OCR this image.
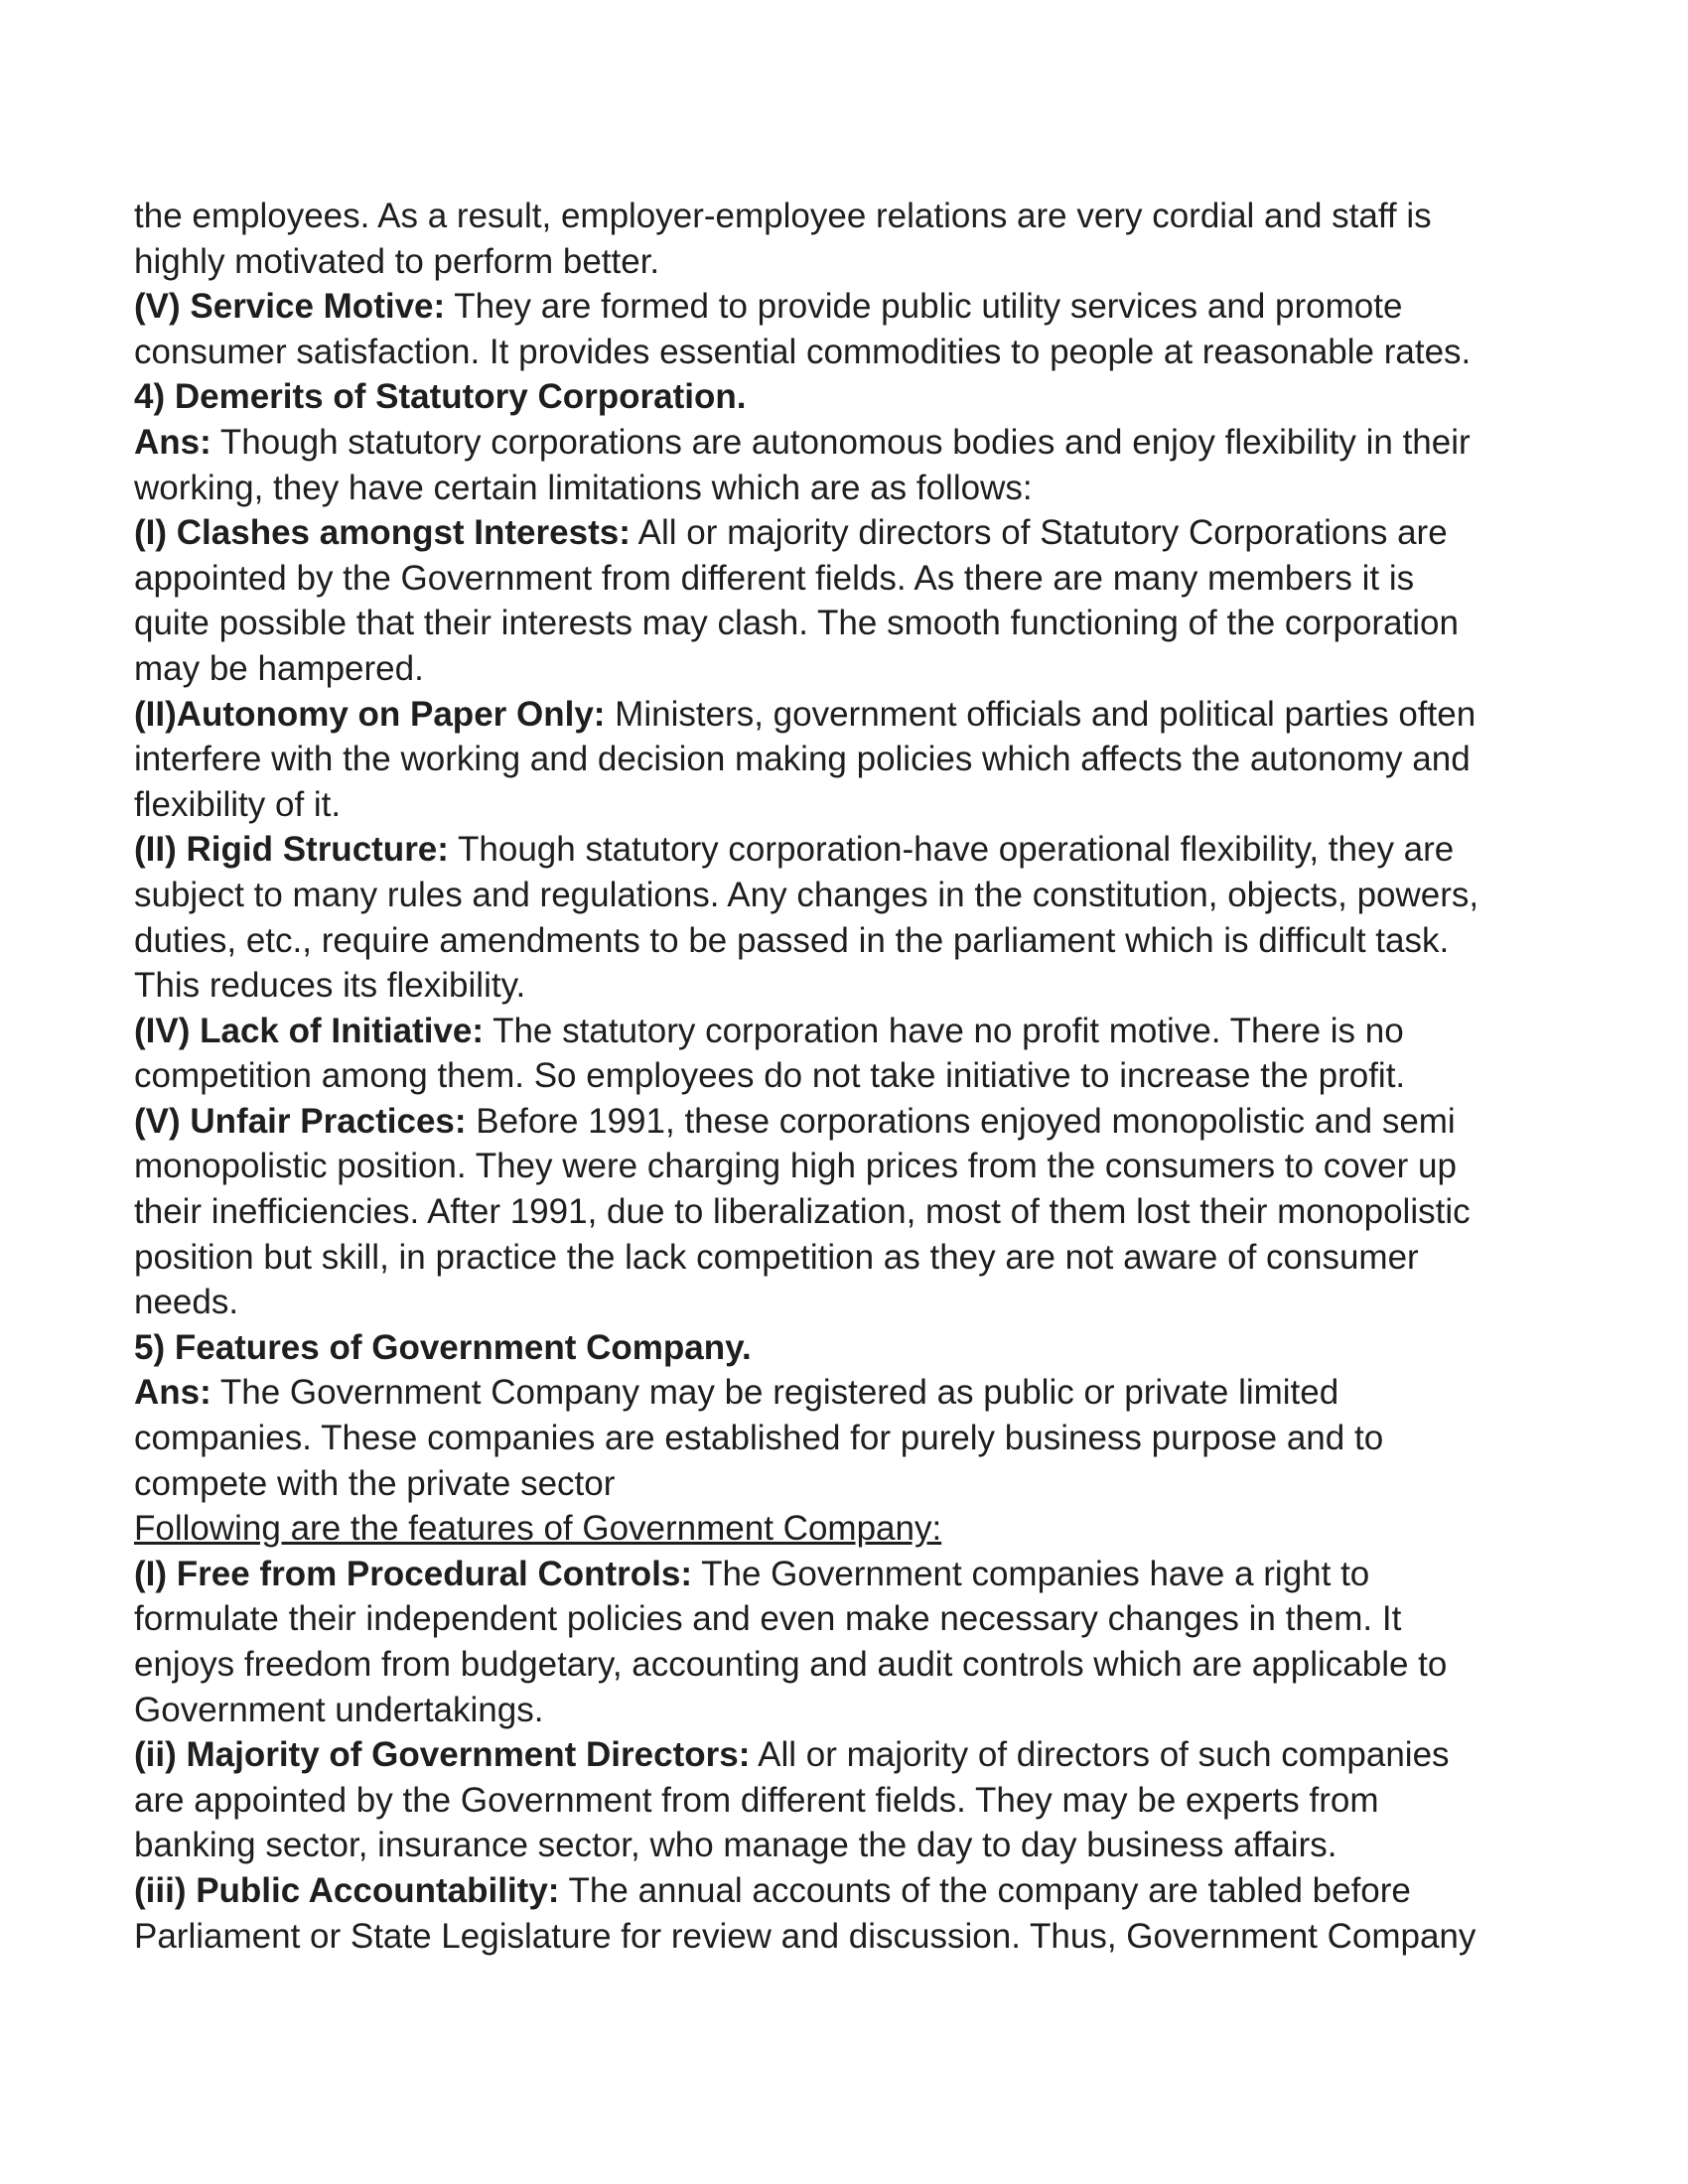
the employees. As a result, employer-employee relations are very cordial and staff is

highly motivated to perform better.

(V) Service Motive: They are formed to provide public utility services and promote

consumer satisfaction. It provides essential commodities to people at reasonable rates.

4) Demerits of Statutory Corporation.

Ans: Though statutory corporations are autonomous bodies and enjoy flexibility in their

working, they have certain limitations which are as follows:

(I) Clashes amongst Interests: All or majority directors of Statutory Corporations are

appointed by the Government from different fields. As there are many members it is

quite possible that their interests may clash. The smooth functioning of the corporation

may be hampered.

(II)Autonomy on Paper Only: Ministers, government officials and political parties often

interfere with the working and decision making policies which affects the autonomy and

flexibility of it.

(II) Rigid Structure: Though statutory corporation-have operational flexibility, they are

subject to many rules and regulations. Any changes in the constitution, objects, powers,

duties, etc., require amendments to be passed in the parliament which is difficult task.

This reduces its flexibility.

(IV) Lack of Initiative: The statutory corporation have no profit motive. There is no

competition among them. So employees do not take initiative to increase the profit.

(V) Unfair Practices: Before 1991, these corporations enjoyed monopolistic and semi

monopolistic position. They were charging high prices from the consumers to cover up

their inefficiencies. After 1991, due to liberalization, most of them lost their monopolistic

position but skill, in practice the lack competition as they are not aware of consumer

needs.

5) Features of Government Company.

Ans: The Government Company may be registered as public or private limited

companies. These companies are established for purely business purpose and to

compete with the private sector

Following are the features of Government Company:

(I) Free from Procedural Controls: The Government companies have a right to

formulate their independent policies and even make necessary changes in them. It

enjoys freedom from budgetary, accounting and audit controls which are applicable to

Government undertakings.

(ii) Majority of Government Directors: All or majority of directors of such companies

are appointed by the Government from different fields. They may be experts from

banking sector, insurance sector, who manage the day to day business affairs.

(iii) Public Accountability: The annual accounts of the company are tabled before

Parliament or State Legislature for review and discussion. Thus, Government Company
